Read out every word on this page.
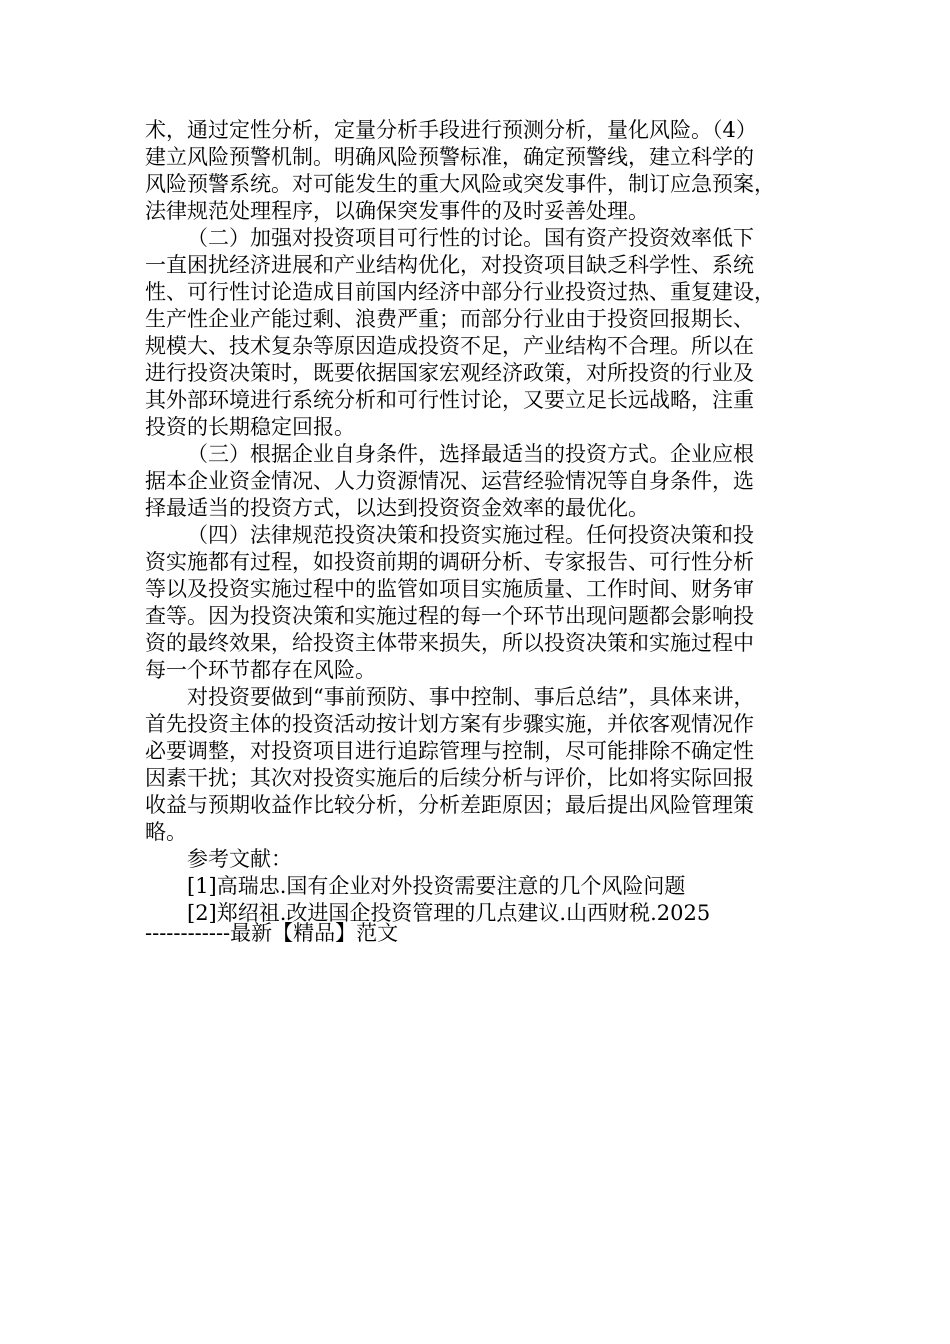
术，通过定性分析，定量分析手段进行预测分析，量化风险。（4）
建立风险预警机制。明确风险预警标准，确定预警线，建立科学的
风险预警系统。对可能发生的重大风险或突发事件，制订应急预案，
法律规范处理程序，以确保突发事件的及时妥善处理。
（二）加强对投资项目可行性的讨论。国有资产投资效率低下
一直困扰经济进展和产业结构优化，对投资项目缺乏科学性、系统
性、可行性讨论造成目前国内经济中部分行业投资过热、重复建设，
生产性企业产能过剩、浪费严重；而部分行业由于投资回报期长、
规模大、技术复杂等原因造成投资不足，产业结构不合理。所以在
进行投资决策时，既要依据国家宏观经济政策，对所投资的行业及
其外部环境进行系统分析和可行性讨论，又要立足长远战略，注重
投资的长期稳定回报。
（三）根据企业自身条件，选择最适当的投资方式。企业应根
据本企业资金情况、人力资源情况、运营经验情况等自身条件，选
择最适当的投资方式，以达到投资资金效率的最优化。
（四）法律规范投资决策和投资实施过程。任何投资决策和投
资实施都有过程，如投资前期的调研分析、专家报告、可行性分析
等以及投资实施过程中的监管如项目实施质量、工作时间、财务审
查等。因为投资决策和实施过程的每一个环节出现问题都会影响投
资的最终效果，给投资主体带来损失，所以投资决策和实施过程中
每一个环节都存在风险。
对投资要做到“事前预防、事中控制、事后总结”，具体来讲，
首先投资主体的投资活动按计划方案有步骤实施，并依客观情况作
必要调整，对投资项目进行追踪管理与控制，尽可能排除不确定性
因素干扰；其次对投资实施后的后续分析与评价，比如将实际回报
收益与预期收益作比较分析，分析差距原因；最后提出风险管理策
略。
参考文献：
[1]高瑞忠.国有企业对外投资需要注意的几个风险问题
[2]郑绍祖.改进国企投资管理的几点建议.山西财税.2025
------------最新【精品】范文
